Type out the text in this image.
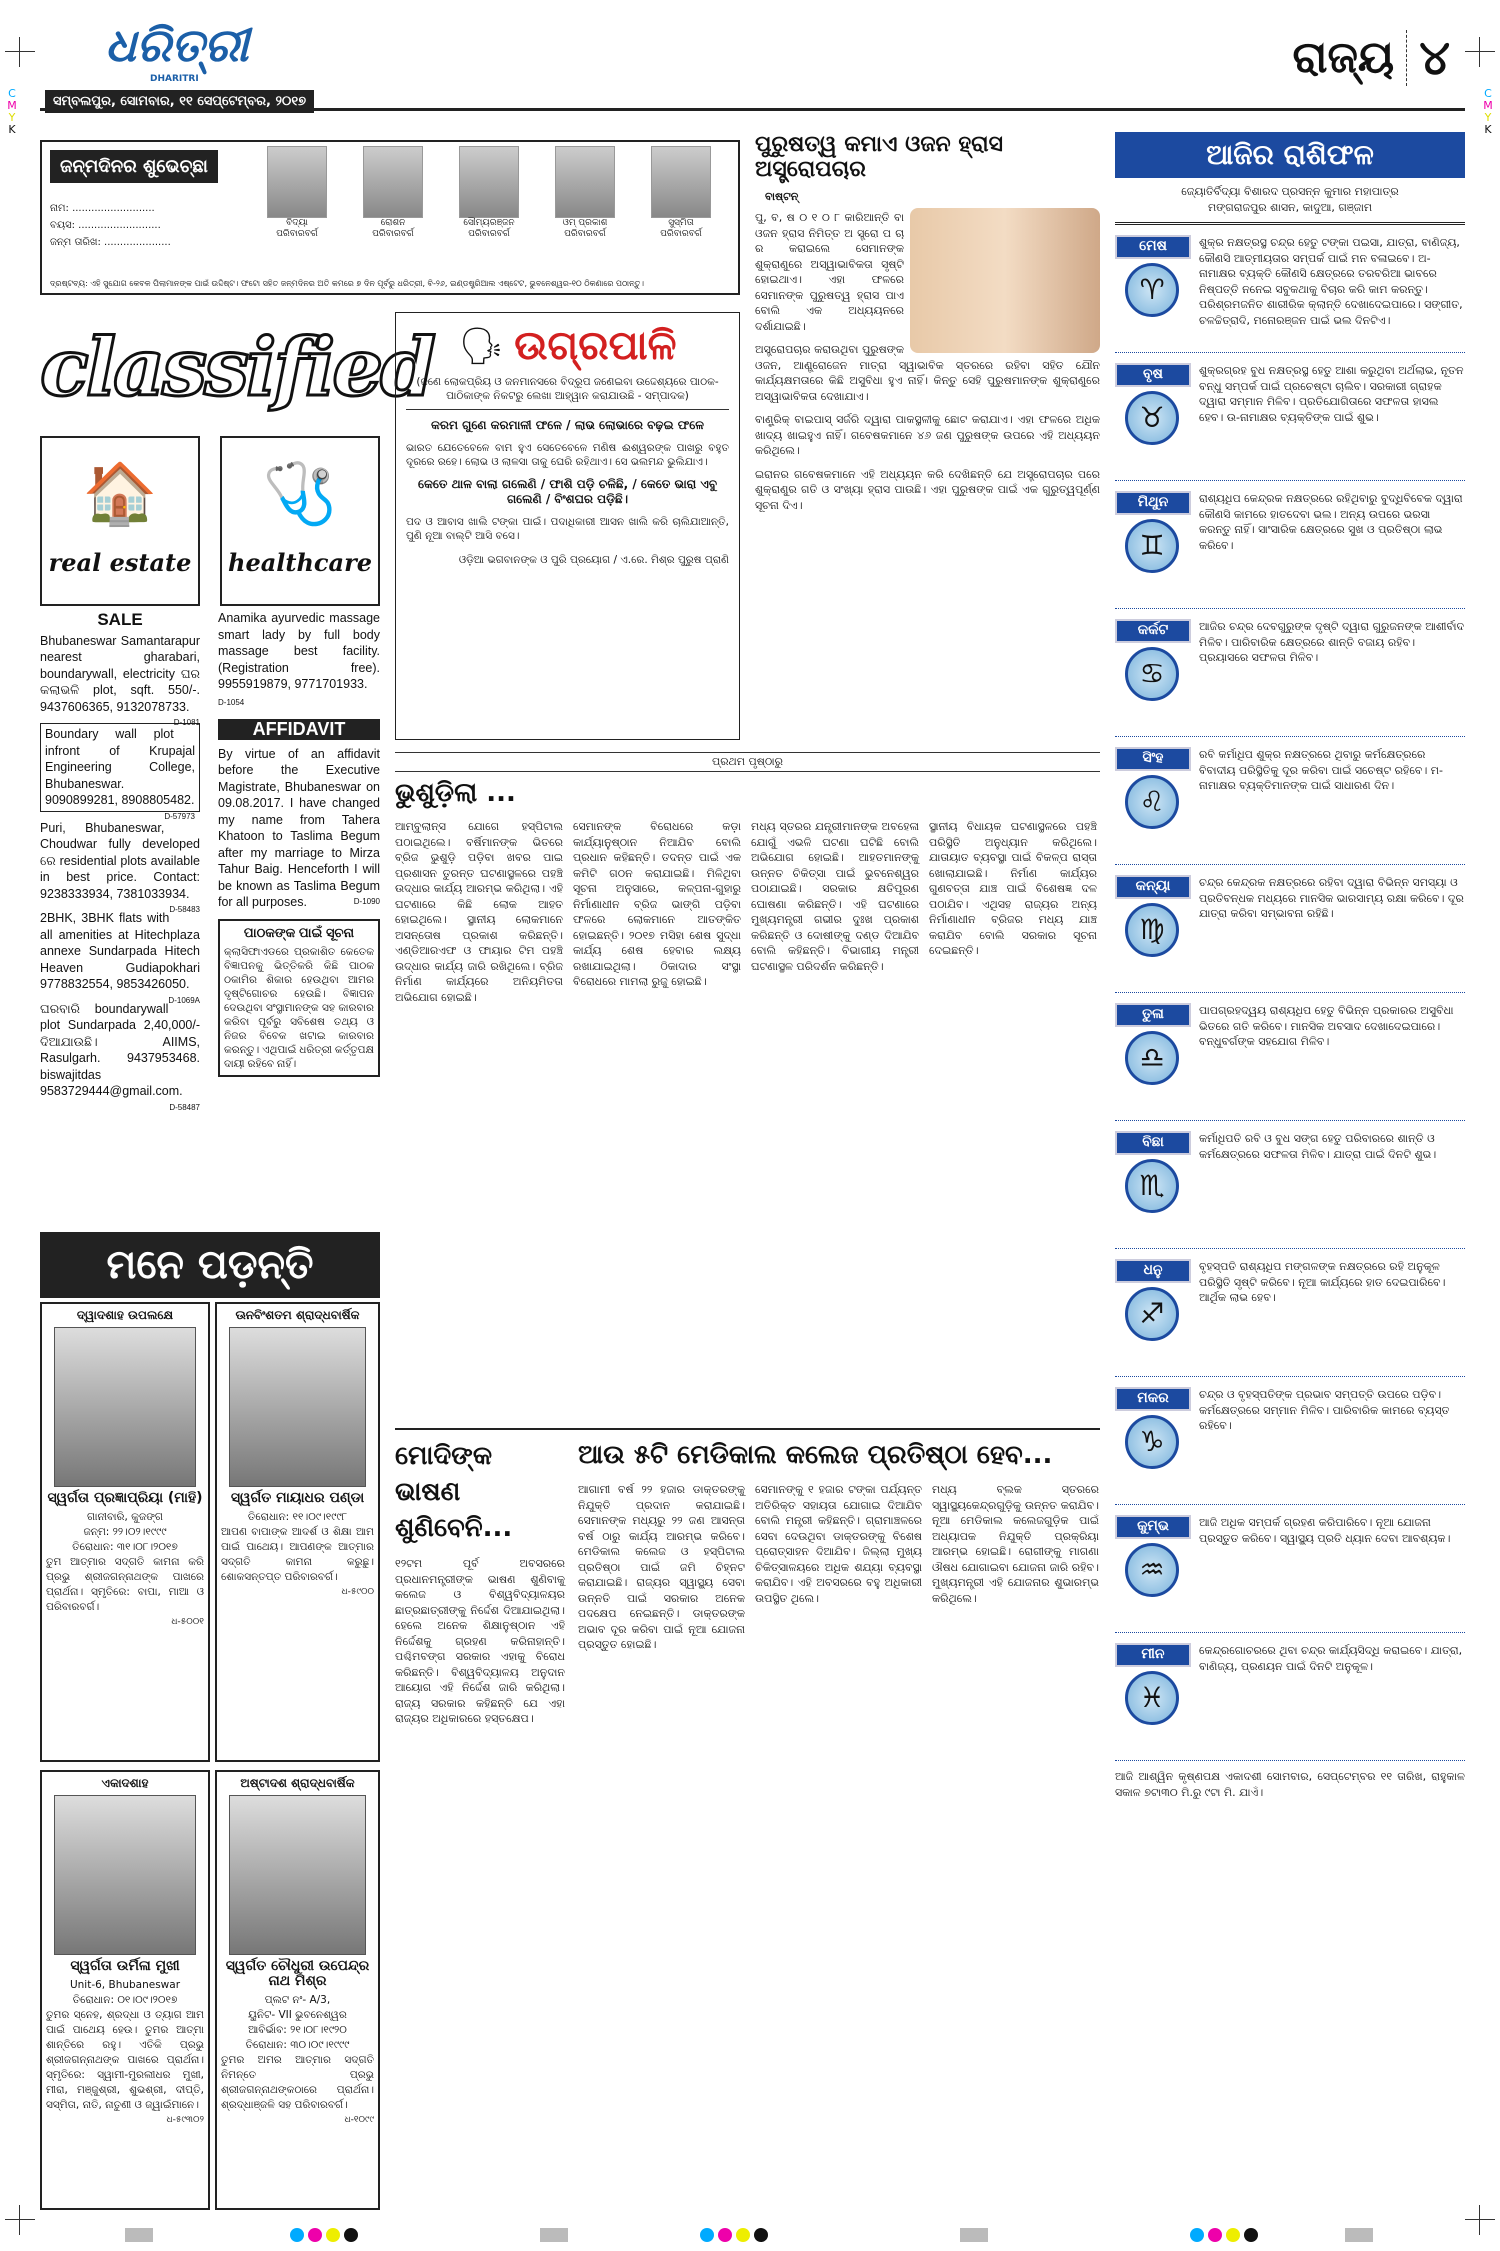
C
M
Y
K
C
M
Y
K
ଧରିତ୍ରୀ
DHARITRI
ସମ୍ବଲପୁର, ସୋମବାର, ୧୧ ସେପ୍ଟେମ୍ବର, ୨୦୧୭
ରାଜ୍ୟ ୪
ଜନ୍ମଦିନର ଶୁଭେଚ୍ଛା
ନାମ: ..........................
ବୟସ: ..........................
ଜନ୍ମ ତାରିଖ: .....................
ବିଦ୍ୟା
ପରିବାରବର୍ଗ
ରୋଶନ
ପରିବାରବର୍ଗ
ସୌମ୍ୟରଞ୍ଜନ
ପରିବାରବର୍ଗ
ଓମ୍ ପ୍ରକାଶ
ପରିବାରବର୍ଗ
ସୁସ୍ମିତା
ପରିବାରବର୍ଗ
ଦ୍ରଷ୍ଟବ୍ୟ: ଏହି ସୁଯୋଗ କେବଳ ପିଲାମାନଙ୍କ ପାଇଁ ଉଦ୍ଦିଷ୍ଟ। ଫଟୋ ସହିତ ଜନ୍ମଦିନର ଅତି କମରେ ୭ ଦିନ ପୂର୍ବରୁ ଧରିତ୍ରୀ, ବି-୨୬, ଇଣ୍ଡଷ୍ଟ୍ରିଆଲ ଏଷ୍ଟେଟ, ଭୁବନେଶ୍ୱର-୧୦ ଠିକଣାରେ ପଠାନ୍ତୁ।
classified
🏠
real estate
🩺
healthcare
SALE
Bhubaneswar Samantarapur nearest gharabari, boundarywall, electricity ଘର କଲାଭଳି plot, sqft. 550/-. 9437606365, 9132078733.
D-1081
Boundary wall plot infront of Krupajal Engineering College, Bhubaneswar. 9090899281, 8908805482.
D-57973
Puri, Bhubaneswar, Choudwar fully developed ରେ residential plots available in best price. Contact: 9238333934, 7381033934.
D-58483
2BHK, 3BHK flats with all amenities at Hitechplaza annexe Sundarpada Hitech Heaven Gudiapokhari 9778832554, 9853426050.
D-1069A
ଘରବାରି boundarywall plot Sundarpada 2,40,000/- ଦିଆଯାଉଛି। AIIMS, Rasulgarh. 9437953468. biswajitdas 9583729444@gmail.com.
D-58487
Anamika ayurvedic massage smart lady by full body massage best facility. (Registration free). 9955919879, 9771701933.
D-1054
AFFIDAVIT
By virtue of an affidavit before the Executive Magistrate, Bhubaneswar on 09.08.2017. I have changed my name from Tahera Khatoon to Taslima Begum after my marriage to Mirza Tahur Baig. Henceforth I will be known as Taslima Begum for all purposes.	D-1090
ପାଠକଙ୍କ ପାଇଁ ସୂଚନା
କ୍ଲାସିଫାଏଡରେ ପ୍ରକାଶିତ କେତେକ ବିଜ୍ଞାପନକୁ ଭିତ୍ତିକରି କିଛି ପାଠକ ଠକାମିର ଶିକାର ହେଉଥିବା ଆମର ଦୃଷ୍ଟିଗୋଚର ହେଉଛି। ବିଜ୍ଞାପନ ଦେଉଥିବା ସଂସ୍ଥାମାନଙ୍କ ସହ କାରବାର କରିବା ପୂର୍ବରୁ ସବିଶେଷ ତଥ୍ୟ ଓ ନିଜର ବିବେକ ଖଟାଇ କାରବାର କରନ୍ତୁ। ଏଥିପାଇଁ ଧରିତ୍ରୀ କର୍ତ୍ତୃପକ୍ଷ ଦାୟୀ ରହିବେ ନାହିଁ।
🗣 ଉଗ୍ରପାଳି
(ଜଣେ ଲୋକପ୍ରିୟ ଓ ଜନମାନସରେ ବିଦ୍ରୂପ ଜଣେଇବା ଉଦ୍ଦେଶ୍ୟରେ ପାଠକ-ପାଠିକାଙ୍କ ନିକଟରୁ ଲେଖା ଆହ୍ୱାନ କରାଯାଉଛି - ସମ୍ପାଦକ)
କରମ ଗୁଣେ କରମାଳୀ ଫଳେ / ଲାଭ ଲୋଭାରେ ବଢ଼ଇ ଫଳେ
ଭାରତ ଯେତେବେଳେ ବାମ ହୁଏ ସେତେବେଳେ ମଣିଷ ଈଶ୍ୱରଙ୍କ ପାଖରୁ ବହୁତ ଦୂରରେ ରହେ। ଲୋଭ ଓ ଲାଳସା ତାକୁ ଘେରି ରହିଥାଏ। ସେ ଭଲମନ୍ଦ ଭୁଲିଯାଏ।
କେତେ ଥାଳ ବାଲା ଗଲେଣି / ଫାଶି ପଡ଼ି ଚଳିଛି, / କେତେ ଭାରା ଏବୁ ଗଲେଣି / ବିଂଶଘର ପଡ଼ିଛି।
ପଦ ଓ ଆବାସ ଖାଲି ଟଙ୍କା ପାଇଁ। ପଦାଧିକାରୀ ଆସନ ଖାଲି କରି ଚାଲିଯାଆନ୍ତି, ପୁଣି ନୂଆ ବାଲ୍ଟି ଆସି ବସେ।
ଓଡ଼ିଆ ଭଗବାନଙ୍କ ଓ ପୁରି ପ୍ରୟୋଗ / ଏ.ରେ. ମିଶ୍ର ପୁରୁଷ ପ୍ରାଣି
ପୁରୁଷତ୍ୱ କମାଏ ଓଜନ ହ୍ରାସ ଅସ୍ତ୍ରୋପଚାର
ବାଷ୍ଟନ୍

ପୁ, ବ, ଷ ୦ ୧ ୦ ୮ କାରିଆନ୍ତି ବା ଓଜନ ହ୍ରାସ ନିମିତ୍ତ ଅ ସ୍ତ୍ରୋ ପ ଚା ର କରାଇଲେ ସେମାନଙ୍କ ଶୁକ୍ରାଣୁରେ ଅସ୍ୱାଭାବିକତା ସୃଷ୍ଟି ହୋଇଥାଏ। ଏହା ଫଳରେ ସେମାନଙ୍କ ପୁରୁଷତ୍ୱ ହ୍ରାସ ପାଏ ବୋଲି ଏକ ଅଧ୍ୟୟନରେ ଦର୍ଶାଯାଇଛି।

ଅସ୍ତ୍ରୋପଚାର କରାଉଥିବା ପୁରୁଷଙ୍କ ଓଜନ, ଆଣ୍ଡ୍ରୋଜେନ ମାତ୍ରା ସ୍ୱାଭାବିକ ସ୍ତରରେ ରହିବା ସହିତ ଯୌନ କାର୍ଯ୍ୟକ୍ଷମତାରେ କିଛି ଅସୁବିଧା ହୁଏ ନାହିଁ। କିନ୍ତୁ ସେହି ପୁରୁଷମାନଙ୍କ ଶୁକ୍ରାଣୁରେ ଅସ୍ୱାଭାବିକତା ଦେଖାଯାଏ।

ବାଣ୍ଟ୍ରିକ୍ ବାଇପାସ୍ ସର୍ଜରି ଦ୍ୱାରା ପାକସ୍ଥଳୀକୁ ଛୋଟ କରାଯାଏ। ଏହା ଫଳରେ ଅଧିକ ଖାଦ୍ୟ ଖାଇହୁଏ ନାହିଁ। ଗବେଷକମାନେ ୪୬ ଜଣ ପୁରୁଷଙ୍କ ଉପରେ ଏହି ଅଧ୍ୟୟନ କରିଥିଲେ।

ଇରାନର ଗବେଷକମାନେ ଏହି ଅଧ୍ୟୟନ କରି ଦେଖିଛନ୍ତି ଯେ ଅସ୍ତ୍ରୋପଚାର ପରେ ଶୁକ୍ରାଣୁର ଗତି ଓ ସଂଖ୍ୟା ହ୍ରାସ ପାଉଛି। ଏହା ପୁରୁଷଙ୍କ ପାଇଁ ଏକ ଗୁରୁତ୍ୱପୂର୍ଣ୍ଣ ସୂଚନା ଦିଏ।

ପ୍ରଥମ ପୃଷ୍ଠାରୁ
ଭୁଶୁଡ଼ିଲା ...
ଆମ୍ବୁଲାନ୍ସ ଯୋଗେ ହସ୍ପିଟାଲ ପଠାଇଥିଲେ। ବର୍ଷିମାନଙ୍କ ଭିତରେ ବ୍ରିଜ ଭୁଶୁଡ଼ି ପଡ଼ିବା ଖବର ପାଇ ପ୍ରଶାସନ ତୁରନ୍ତ ଘଟଣାସ୍ଥଳରେ ପହଞ୍ଚି ଉଦ୍ଧାର କାର୍ଯ୍ୟ ଆରମ୍ଭ କରିଥିଲା। ଏହି ଘଟଣାରେ କିଛି ଲୋକ ଆହତ ହୋଇଥିଲେ। ସ୍ଥାନୀୟ ଲୋକମାନେ ଅସନ୍ତୋଷ ପ୍ରକାଶ କରିଛନ୍ତି। ଏଣ୍ଡିଆରଏଫ ଓ ଫାୟାର ଟିମ ପହଞ୍ଚି ଉଦ୍ଧାର କାର୍ଯ୍ୟ ଜାରି ରଖିଥିଲେ। ବ୍ରିଜ ନିର୍ମାଣ କାର୍ଯ୍ୟରେ ଅନିୟମିତତା ଅଭିଯୋଗ ହୋଇଛି।
ସେମାନଙ୍କ ବିରୋଧରେ କଡ଼ା କାର୍ଯ୍ୟାନୁଷ୍ଠାନ ନିଆଯିବ ବୋଲି ପ୍ରଧାନ କହିଛନ୍ତି। ତଦନ୍ତ ପାଇଁ ଏକ କମିଟି ଗଠନ କରାଯାଇଛି। ମିଳିଥିବା ସୂଚନା ଅନୁସାରେ, କଳ୍ପନା-ଗୁହାରୁ ନିର୍ମାଣାଧୀନ ବ୍ରିଜ ଭାଙ୍ଗି ପଡ଼ିବା ଫଳରେ ଲୋକମାନେ ଆତଙ୍କିତ ହୋଇଛନ୍ତି। ୨୦୧୭ ମସିହା ଶେଷ ସୁଦ୍ଧା କାର୍ଯ୍ୟ ଶେଷ ହେବାର ଲକ୍ଷ୍ୟ ରଖାଯାଇଥିଲା। ଠିକାଦାର ସଂସ୍ଥା ବିରୋଧରେ ମାମଲା ରୁଜୁ ହୋଇଛି।
ମଧ୍ୟ ସ୍ତରର ଯନ୍ତ୍ରୀମାନଙ୍କ ଅବହେଳା ଯୋଗୁଁ ଏଭଳି ଘଟଣା ଘଟିଛି ବୋଲି ଅଭିଯୋଗ ହୋଇଛି। ଆହତମାନଙ୍କୁ ଉନ୍ନତ ଚିକିତ୍ସା ପାଇଁ ଭୁବନେଶ୍ୱର ପଠାଯାଇଛି। ସରକାର କ୍ଷତିପୂରଣ ଘୋଷଣା କରିଛନ୍ତି। ଏହି ଘଟଣାରେ ମୁଖ୍ୟମନ୍ତ୍ରୀ ଗଭୀର ଦୁଃଖ ପ୍ରକାଶ କରିଛନ୍ତି ଓ ଦୋଷୀଙ୍କୁ ଦଣ୍ଡ ଦିଆଯିବ ବୋଲି କହିଛନ୍ତି। ବିଭାଗୀୟ ମନ୍ତ୍ରୀ ଘଟଣାସ୍ଥଳ ପରିଦର୍ଶନ କରିଛନ୍ତି।
ସ୍ଥାନୀୟ ବିଧାୟକ ଘଟଣାସ୍ଥଳରେ ପହଞ୍ଚି ପରିସ୍ଥିତି ଅନୁଧ୍ୟାନ କରିଥିଲେ। ଯାତାୟାତ ବ୍ୟବସ୍ଥା ପାଇଁ ବିକଳ୍ପ ରାସ୍ତା ଖୋଲାଯାଇଛି। ନିର୍ମାଣ କାର୍ଯ୍ୟର ଗୁଣବତ୍ତା ଯାଞ୍ଚ ପାଇଁ ବିଶେଷଜ୍ଞ ଦଳ ପଠାଯିବ। ଏଥିସହ ରାଜ୍ୟର ଅନ୍ୟ ନିର୍ମାଣାଧୀନ ବ୍ରିଜର ମଧ୍ୟ ଯାଞ୍ଚ କରାଯିବ ବୋଲି ସରକାର ସୂଚନା ଦେଇଛନ୍ତି।
ମୋଦିଙ୍କ ଭାଷଣ ଶୁଣିବେନି...
୧୨ଟମ ପୂର୍ବ ଅବସରରେ ପ୍ରଧାନମନ୍ତ୍ରୀଙ୍କ ଭାଷଣ ଶୁଣିବାକୁ କଲେଜ ଓ ବିଶ୍ୱବିଦ୍ୟାଳୟର ଛାତ୍ରଛାତ୍ରୀଙ୍କୁ ନିର୍ଦ୍ଦେଶ ଦିଆଯାଇଥିଲା। ହେଲେ ଅନେକ ଶିକ୍ଷାନୁଷ୍ଠାନ ଏହି ନିର୍ଦ୍ଦେଶକୁ ଗ୍ରହଣ କରିନାହାନ୍ତି। ପଶ୍ଚିମବଙ୍ଗ ସରକାର ଏହାକୁ ବିରୋଧ କରିଛନ୍ତି। ବିଶ୍ୱବିଦ୍ୟାଳୟ ଅନୁଦାନ ଆୟୋଗ ଏହି ନିର୍ଦ୍ଦେଶ ଜାରି କରିଥିଲା। ରାଜ୍ୟ ସରକାର କହିଛନ୍ତି ଯେ ଏହା ରାଜ୍ୟର ଅଧିକାରରେ ହସ୍ତକ୍ଷେପ।
ଆଉ ୫ଟି ମେଡିକାଲ କଲେଜ ପ୍ରତିଷ୍ଠା ହେବ...
ଆଗାମୀ ବର୍ଷ ୨୨ ହଜାର ଡାକ୍ତରଙ୍କୁ ନିଯୁକ୍ତି ପ୍ରଦାନ କରାଯାଇଛି। ସେମାନଙ୍କ ମଧ୍ୟରୁ ୨୨ ଜଣ ଆସନ୍ତା ବର୍ଷ ଠାରୁ କାର୍ଯ୍ୟ ଆରମ୍ଭ କରିବେ। ମେଡିକାଲ କଲେଜ ଓ ହସ୍ପିଟାଲ ପ୍ରତିଷ୍ଠା ପାଇଁ ଜମି ଚିହ୍ନଟ କରାଯାଇଛି। ରାଜ୍ୟର ସ୍ୱାସ୍ଥ୍ୟ ସେବା ଉନ୍ନତି ପାଇଁ ସରକାର ଅନେକ ପଦକ୍ଷେପ ନେଇଛନ୍ତି। ଡାକ୍ତରଙ୍କ ଅଭାବ ଦୂର କରିବା ପାଇଁ ନୂଆ ଯୋଜନା ପ୍ରସ୍ତୁତ ହୋଇଛି।
ସେମାନଙ୍କୁ ୧ ହଜାର ଟଙ୍କା ପର୍ଯ୍ୟନ୍ତ ଅତିରିକ୍ତ ସହାୟତା ଯୋଗାଇ ଦିଆଯିବ ବୋଲି ମନ୍ତ୍ରୀ କହିଛନ୍ତି। ଗ୍ରାମାଞ୍ଚଳରେ ସେବା ଦେଉଥିବା ଡାକ୍ତରଙ୍କୁ ବିଶେଷ ପ୍ରୋତ୍ସାହନ ଦିଆଯିବ। ଜିଲ୍ଲା ମୁଖ୍ୟ ଚିକିତ୍ସାଳୟରେ ଅଧିକ ଶଯ୍ୟା ବ୍ୟବସ୍ଥା କରାଯିବ। ଏହି ଅବସରରେ ବହୁ ଅଧିକାରୀ ଉପସ୍ଥିତ ଥିଲେ।
ମଧ୍ୟ ବ୍ଲକ ସ୍ତରରେ ସ୍ୱାସ୍ଥ୍ୟକେନ୍ଦ୍ରଗୁଡ଼ିକୁ ଉନ୍ନତ କରାଯିବ। ନୂଆ ମେଡିକାଲ କଲେଜଗୁଡ଼ିକ ପାଇଁ ଅଧ୍ୟାପକ ନିଯୁକ୍ତି ପ୍ରକ୍ରିୟା ଆରମ୍ଭ ହୋଇଛି। ରୋଗୀଙ୍କୁ ମାଗଣା ଔଷଧ ଯୋଗାଇବା ଯୋଜନା ଜାରି ରହିବ। ମୁଖ୍ୟମନ୍ତ୍ରୀ ଏହି ଯୋଜନାର ଶୁଭାରମ୍ଭ କରିଥିଲେ।
ଆଜିର ରାଶିଫଳ
ଜ୍ୟୋତିର୍ବିଦ୍ୟା ବିଶାରଦ ପ୍ରସନ୍ନ କୁମାର ମହାପାତ୍ର
ମଙ୍ଗରାଜପୁର ଶାସନ, କାଦୁଆ, ଗଞ୍ଜାମ
ମେଷ
♈
ଶୁକ୍ର ନକ୍ଷତ୍ରସ୍ଥ ଚନ୍ଦ୍ର ହେତୁ ଟଙ୍କା ପଇସା, ଯାତ୍ରା, ବାଣିଜ୍ୟ, କୌଣସି ଆତ୍ମୀୟତାର ସମ୍ପର୍କ ପାଇଁ ମନ ବଳାଇବେ। ଅ-ନାମାକ୍ଷର ବ୍ୟକ୍ତି କୌଣସି କ୍ଷେତ୍ରରେ ତରବରିଆ ଭାବରେ ନିଷ୍ପତ୍ତି ନନେଇ ସବୁକଥାକୁ ବିଚାର କରି କାମ କରନ୍ତୁ। ପରିଶ୍ରମଜନିତ ଶାରୀରିକ କ୍ଲାନ୍ତି ଦେଖାଦେଇପାରେ। ସଙ୍ଗୀତ, ଚଳଚ୍ଚିତ୍ରାଦି, ମନୋରଞ୍ଜନ ପାଇଁ ଭଲ ଦିନଟିଏ।
ବୃଷ
♉
ଶୁକ୍ରଗ୍ରହ ବୁଧ ନକ୍ଷତ୍ରସ୍ଥ ହେତୁ ଆଶା କରୁଥିବା ଅର୍ଥଲାଭ, ନୂତନ ବନ୍ଧୁ ସମ୍ପର୍କ ପାଇଁ ପ୍ରଚେଷ୍ଟା ଚାଲିବ। ସରକାରୀ ଗ୍ରାହକ ଦ୍ୱାରା ସମ୍ମାନ ମିଳିବ। ପ୍ରତିଯୋଗିତାରେ ସଫଳତା ହାସଲ ହେବ। ଉ-ନାମାକ୍ଷର ବ୍ୟକ୍ତିଙ୍କ ପାଇଁ ଶୁଭ।
ମିଥୁନ
♊
ରାଶ୍ୟଧିପ କେନ୍ଦ୍ରକ ନକ୍ଷତ୍ରରେ ରହିଥିବାରୁ ବୁଦ୍ଧିବିବେକ ଦ୍ୱାରା କୌଣସି କାମରେ ହାତଦେବା ଭଲ। ଅନ୍ୟ ଉପରେ ଭରସା କରନ୍ତୁ ନାହିଁ। ସାଂସାରିକ କ୍ଷେତ୍ରରେ ସୁଖ ଓ ପ୍ରତିଷ୍ଠା ଲାଭ କରିବେ।
କର୍କଟ
♋
ଆଜିର ଚନ୍ଦ୍ର ଦେବଗୁରୁଙ୍କ ଦୃଷ୍ଟି ଦ୍ୱାରା ଗୁରୁଜନଙ୍କ ଆଶୀର୍ବାଦ ମିଳିବ। ପାରିବାରିକ କ୍ଷେତ୍ରରେ ଶାନ୍ତି ବଜାୟ ରହିବ। ପ୍ରୟାସରେ ସଫଳତା ମିଳିବ।
ସିଂହ
♌
ରବି କର୍ମାଧିପ ଶୁକ୍ର ନକ୍ଷତ୍ରରେ ଥିବାରୁ କର୍ମକ୍ଷେତ୍ରରେ ବିବାଦୀୟ ପରିସ୍ଥିତିକୁ ଦୂର କରିବା ପାଇଁ ସଚେଷ୍ଟ ରହିବେ। ମ-ନାମାକ୍ଷର ବ୍ୟକ୍ତିମାନଙ୍କ ପାଇଁ ସାଧାରଣ ଦିନ।
କନ୍ୟା
♍
ଚନ୍ଦ୍ର କେନ୍ଦ୍ରକ ନକ୍ଷତ୍ରରେ ରହିବା ଦ୍ୱାରା ବିଭିନ୍ନ ସମସ୍ୟା ଓ ପ୍ରତିବନ୍ଧକ ମଧ୍ୟରେ ମାନସିକ ଭାରସାମ୍ୟ ରକ୍ଷା କରିବେ। ଦୂର ଯାତ୍ରା କରିବା ସମ୍ଭାବନା ରହିଛି।
ତୁଳା
♎
ପାପଗ୍ରହଦ୍ୱୟ ରାଶ୍ୟଧିପ ହେତୁ ବିଭିନ୍ନ ପ୍ରକାରର ଅସୁବିଧା ଭିତରେ ଗତି କରିବେ। ମାନସିକ ଅବସାଦ ଦେଖାଦେଇପାରେ। ବନ୍ଧୁବର୍ଗଙ୍କ ସହଯୋଗ ମିଳିବ।
ବିଛା
♏
କର୍ମାଧିପତି ରବି ଓ ବୁଧ ସଙ୍ଗ ହେତୁ ପରିବାରରେ ଶାନ୍ତି ଓ କର୍ମକ୍ଷେତ୍ରରେ ସଫଳତା ମିଳିବ। ଯାତ୍ରା ପାଇଁ ଦିନଟି ଶୁଭ।
ଧନୁ
♐
ବୃହସ୍ପତି ରାଶ୍ୟଧିପ ମଙ୍ଗଳଙ୍କ ନକ୍ଷତ୍ରରେ ରହି ଅନୁକୂଳ ପରିସ୍ଥିତି ସୃଷ୍ଟି କରିବେ। ନୂଆ କାର୍ଯ୍ୟରେ ହାତ ଦେଇପାରିବେ। ଆର୍ଥିକ ଲାଭ ହେବ।
ମକର
♑
ଚନ୍ଦ୍ର ଓ ବୃହସ୍ପତିଙ୍କ ପ୍ରଭାବ ସମ୍ପତ୍ତି ଉପରେ ପଡ଼ିବ। କର୍ମକ୍ଷେତ୍ରରେ ସମ୍ମାନ ମିଳିବ। ପାରିବାରିକ କାମରେ ବ୍ୟସ୍ତ ରହିବେ।
କୁମ୍ଭ
♒
ଆଜି ଅଧିକ ସମ୍ପର୍କ ଗ୍ରହଣ କରିପାରିବେ। ନୂଆ ଯୋଜନା ପ୍ରସ୍ତୁତ କରିବେ। ସ୍ୱାସ୍ଥ୍ୟ ପ୍ରତି ଧ୍ୟାନ ଦେବା ଆବଶ୍ୟକ।
ମୀନ
♓
କେନ୍ଦ୍ରଗୋଚରରେ ଥିବା ଚନ୍ଦ୍ର କାର୍ଯ୍ୟସିଦ୍ଧି କରାଇବେ। ଯାତ୍ରା, ବାଣିଜ୍ୟ, ପ୍ରଣୟନ ପାଇଁ ଦିନଟି ଅନୁକୂଳ।
ଆଜି ଆଶ୍ୱିନ କୃଷ୍ଣପକ୍ଷ ଏକାଦଶୀ ସୋମବାର, ସେପ୍ଟେମ୍ବର ୧୧ ତାରିଖ, ରାହୁକାଳ ସକାଳ ୭ଟା୩୦ ମି.ରୁ ୯ଟା ମି. ଯାଏଁ।
ମନେ ପଡ଼ନ୍ତି
ଦ୍ୱାଦଶାହ ଉପଲକ୍ଷେ
ସ୍ୱର୍ଗତା ପ୍ରଜ୍ଞାପ୍ରିୟା (ମାହି)
ଗାନୀବାରି, କୁଜଙ୍ଗ
ଜନ୍ମ: ୨୨।୦୨।୧୯୯୯
ତିରୋଧାନ: ୩୧।୦୮।୨୦୧୭
ତୁମ ଆତ୍ମାର ସଦ୍‌ଗତି କାମନା କରି ପ୍ରଭୁ ଶ୍ରୀଜଗନ୍ନାଥଙ୍କ ପାଖରେ ପ୍ରାର୍ଥନା। ସ୍ମୃତିରେ: ବାପା, ମାଆ ଓ ପରିବାରବର୍ଗ।
ଧ-୫୦୦୧
ଊନବିଂଶତମ ଶ୍ରାଦ୍ଧବାର୍ଷିକ
ସ୍ୱର୍ଗତ ମାୟାଧର ପଣ୍ଡା
ତିରୋଧାନ: ୧୧।୦୯।୧୯୯୮
ଆପଣ ବାପାଙ୍କ ଆଦର୍ଶ ଓ ଶିକ୍ଷା ଆମ ପାଇଁ ପାଥେୟ। ଆପଣଙ୍କ ଆତ୍ମାର ସଦ୍‌ଗତି କାମନା କରୁଛୁ। ଶୋକସନ୍ତପ୍ତ ପରିବାରବର୍ଗ।
ଧ-୫୯୦୦
ଏକାଦଶାହ
ସ୍ୱର୍ଗତା ଉର୍ମିଳା ମୁଖୀ
Unit-6, Bhubaneswar
ତିରୋଧାନ: ୦୧।୦୯।୨୦୧୭
ତୁମର ସ୍ନେହ, ଶ୍ରଦ୍ଧା ଓ ତ୍ୟାଗ ଆମ ପାଇଁ ପାଥେୟ ହେଉ। ତୁମର ଆତ୍ମା ଶାନ୍ତିରେ ରହୁ। ଏତିକି ପ୍ରଭୁ ଶ୍ରୀଜଗନ୍ନାଥଙ୍କ ପାଖରେ ପ୍ରାର୍ଥନା। ସ୍ମୃତିରେ: ସ୍ୱାମୀ-ମୁରଲୀଧର ମୁଖୀ, ମୀରା, ମଞ୍ଜୁଶ୍ରୀ, ଶୁଭଶ୍ରୀ, ଦୀପ୍ତି, ସସ୍ମିତା, ନାତି, ନାତୁଣୀ ଓ ଜ୍ୱାଇଁମାନେ।
ଧ-୫୯୩୦୨
ଅଷ୍ଟାଦଶ ଶ୍ରାଦ୍ଧବାର୍ଷିକ
ସ୍ୱର୍ଗତ ଚୌଧୁରୀ ଉପେନ୍ଦ୍ର ନାଥ ମିଶ୍ର
ପ୍ଲଟ ନଂ- A/3,
ୟୁନିଟ- VII ଭୁବନେଶ୍ୱର
ଆବିର୍ଭାବ: ୨୧।୦୮।୧୯୨୦
ତିରୋଧାନ: ୩୦।୦୯।୧୯୯୯
ତୁମର ଅମର ଆତ୍ମାର ସଦ୍‌ଗତି ନିମନ୍ତେ ପ୍ରଭୁ ଶ୍ରୀଜଗନ୍ନାଥଙ୍କଠାରେ ପ୍ରାର୍ଥନା। ଶ୍ରଦ୍ଧାଞ୍ଜଳି ସହ ପରିବାରବର୍ଗ।
ଧ-୧୦୯୯
